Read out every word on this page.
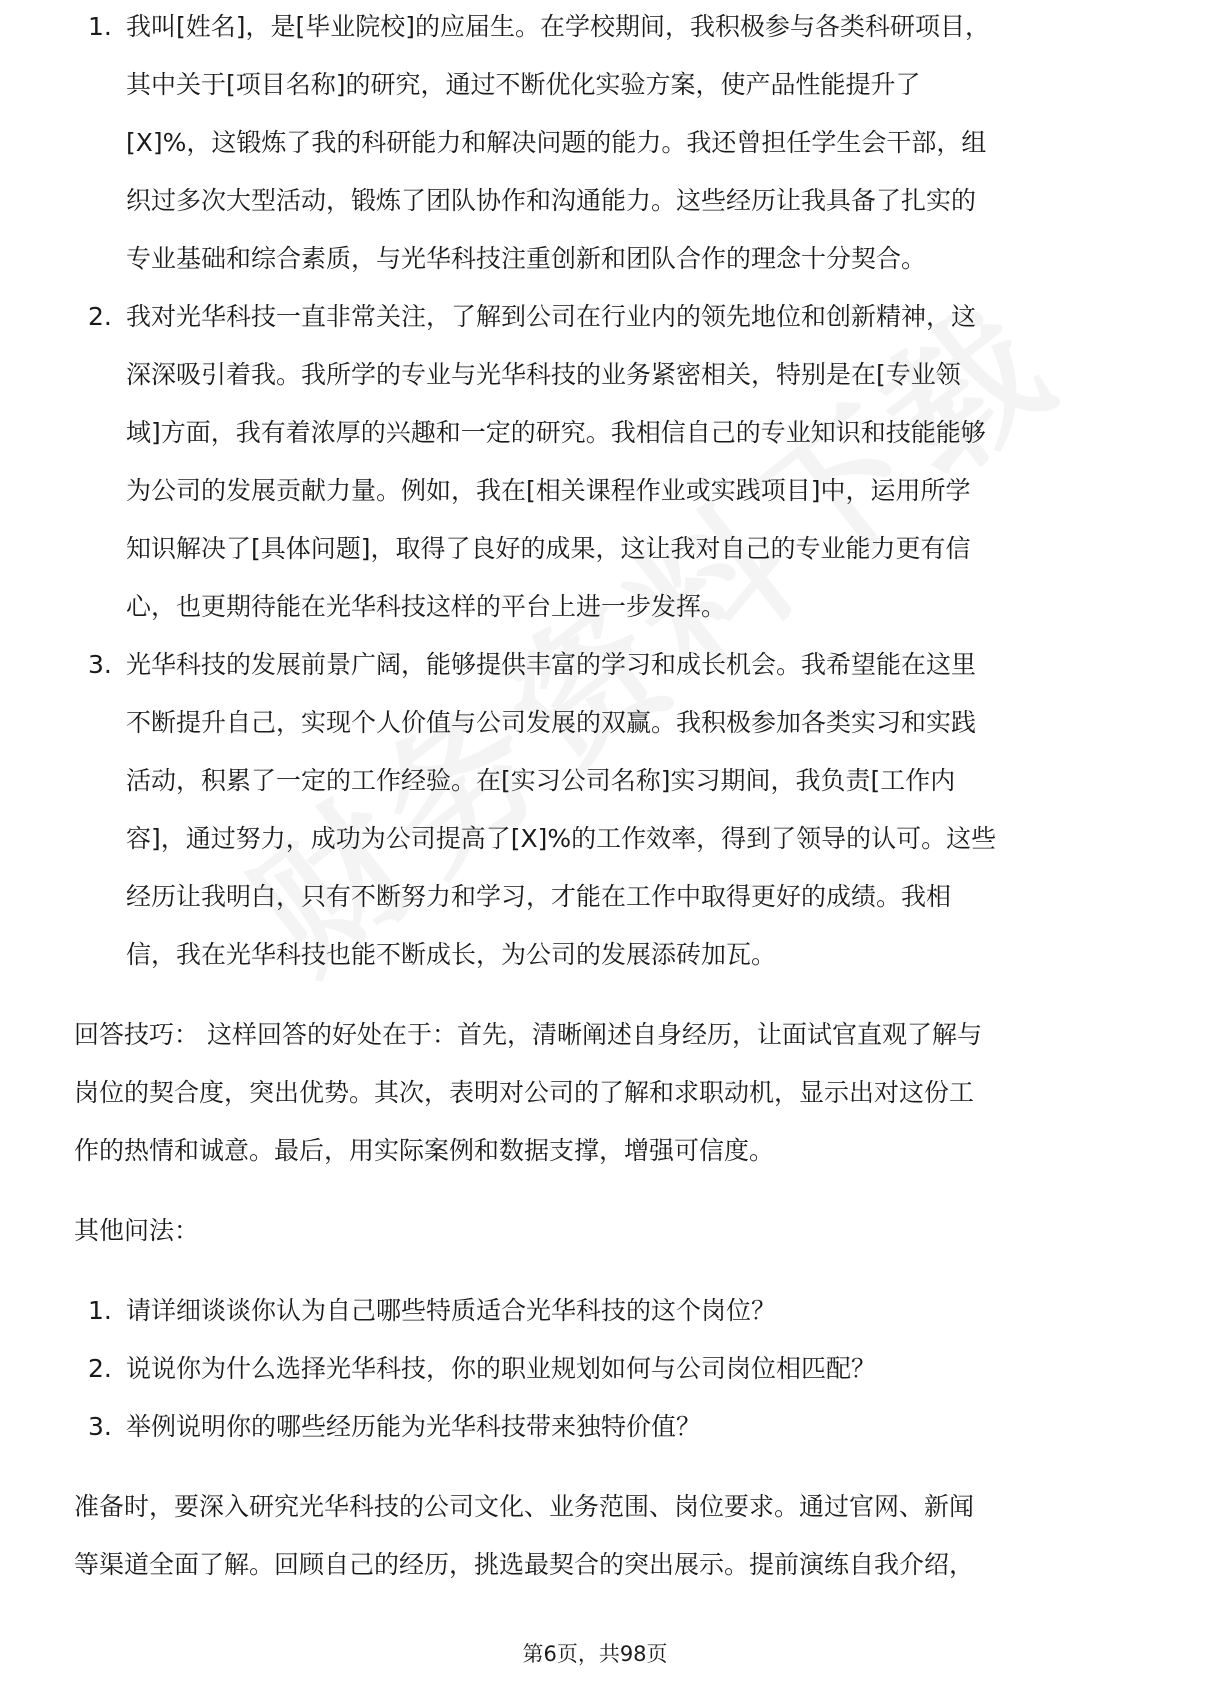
1. 我叫[姓名]，是[毕业院校]的应届生。在学校期间，我积极参与各类科研项目，
其中关于[项目名称]的研究，通过不断优化实验方案，使产品性能提升了
[X]%，这锻炼了我的科研能力和解决问题的能力。我还曾担任学生会干部，组
织过多次大型活动，锻炼了团队协作和沟通能力。这些经历让我具备了扎实的
专业基础和综合素质，与光华科技注重创新和团队合作的理念十分契合。
2. 我对光华科技一直非常关注，了解到公司在行业内的领先地位和创新精神，这
深深吸引着我。我所学的专业与光华科技的业务紧密相关，特别是在[专业领
域]方面，我有着浓厚的兴趣和一定的研究。我相信自己的专业知识和技能能够
为公司的发展贡献力量。例如，我在[相关课程作业或实践项目]中，运用所学
知识解决了[具体问题]，取得了良好的成果，这让我对自己的专业能力更有信
心，也更期待能在光华科技这样的平台上进一步发挥。
3. 光华科技的发展前景广阔，能够提供丰富的学习和成长机会。我希望能在这里
不断提升自己，实现个人价值与公司发展的双赢。我积极参加各类实习和实践
活动，积累了一定的工作经验。在[实习公司名称]实习期间，我负责[工作内
容]，通过努力，成功为公司提高了[X]%的工作效率，得到了领导的认可。这些
经历让我明白，只有不断努力和学习，才能在工作中取得更好的成绩。我相
信，我在光华科技也能不断成长，为公司的发展添砖加瓦。
回答技巧： 这样回答的好处在于：首先，清晰阐述自身经历，让面试官直观了解与
岗位的契合度，突出优势。其次，表明对公司的了解和求职动机，显示出对这份工
作的热情和诚意。最后，用实际案例和数据支撑，增强可信度。
其他问法：
1. 请详细谈谈你认为自己哪些特质适合光华科技的这个岗位？
2. 说说你为什么选择光华科技，你的职业规划如何与公司岗位相匹配？
3. 举例说明你的哪些经历能为光华科技带来独特价值？
准备时，要深入研究光华科技的公司文化、业务范围、岗位要求。通过官网、新闻
等渠道全面了解。回顾自己的经历，挑选最契合的突出展示。提前演练自我介绍，
第6页，共98页
